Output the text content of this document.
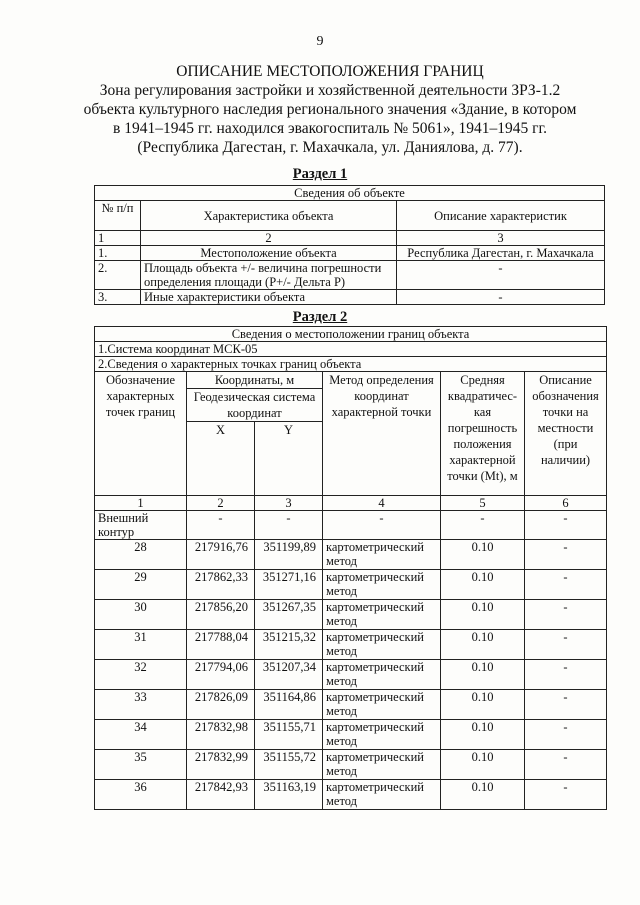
9
ОПИСАНИЕ МЕСТОПОЛОЖЕНИЯ ГРАНИЦ
Зона регулирования застройки и хозяйственной деятельности ЗРЗ-1.2
объекта культурного наследия регионального значения «Здание, в котором
в 1941–1945 гг. находился эвакогоспиталь № 5061», 1941–1945 гг.
(Республика Дагестан, г. Махачкала, ул. Даниялова, д. 77).
Раздел 1
Сведения об объекте		
№ п/п	Характеристика объекта	Описание характеристик
1	2	3
1.	Местоположение объекта	Республика Дагестан, г. Махачкала
2.	Площадь объекта +/- величина погрешности определения площади (P+/- Дельта P)	-
3.	Иные характеристики объекта	-
Раздел 2
Сведения о местоположении границ объекта					
1.Система координат МСК-05					
2.Сведения о характерных точках границ объекта					
Обозначение характерных точек границ	Координаты, м		Метод определения координат характерной точки	Средняя квадратичес-кая погрешность положения характерной точки (Mt), м	Описание обозначения точки на местности (при наличии)
	Геодезическая система координат				
	X	Y			
1	2	3	4	5	6
Внешний контур	-	-	-	-	-
28	217916,76	351199,89	картометрический метод	0.10	-
29	217862,33	351271,16	картометрический метод	0.10	-
30	217856,20	351267,35	картометрический метод	0.10	-
31	217788,04	351215,32	картометрический метод	0.10	-
32	217794,06	351207,34	картометрический метод	0.10	-
33	217826,09	351164,86	картометрический метод	0.10	-
34	217832,98	351155,71	картометрический метод	0.10	-
35	217832,99	351155,72	картометрический метод	0.10	-
36	217842,93	351163,19	картометрический метод	0.10	-
